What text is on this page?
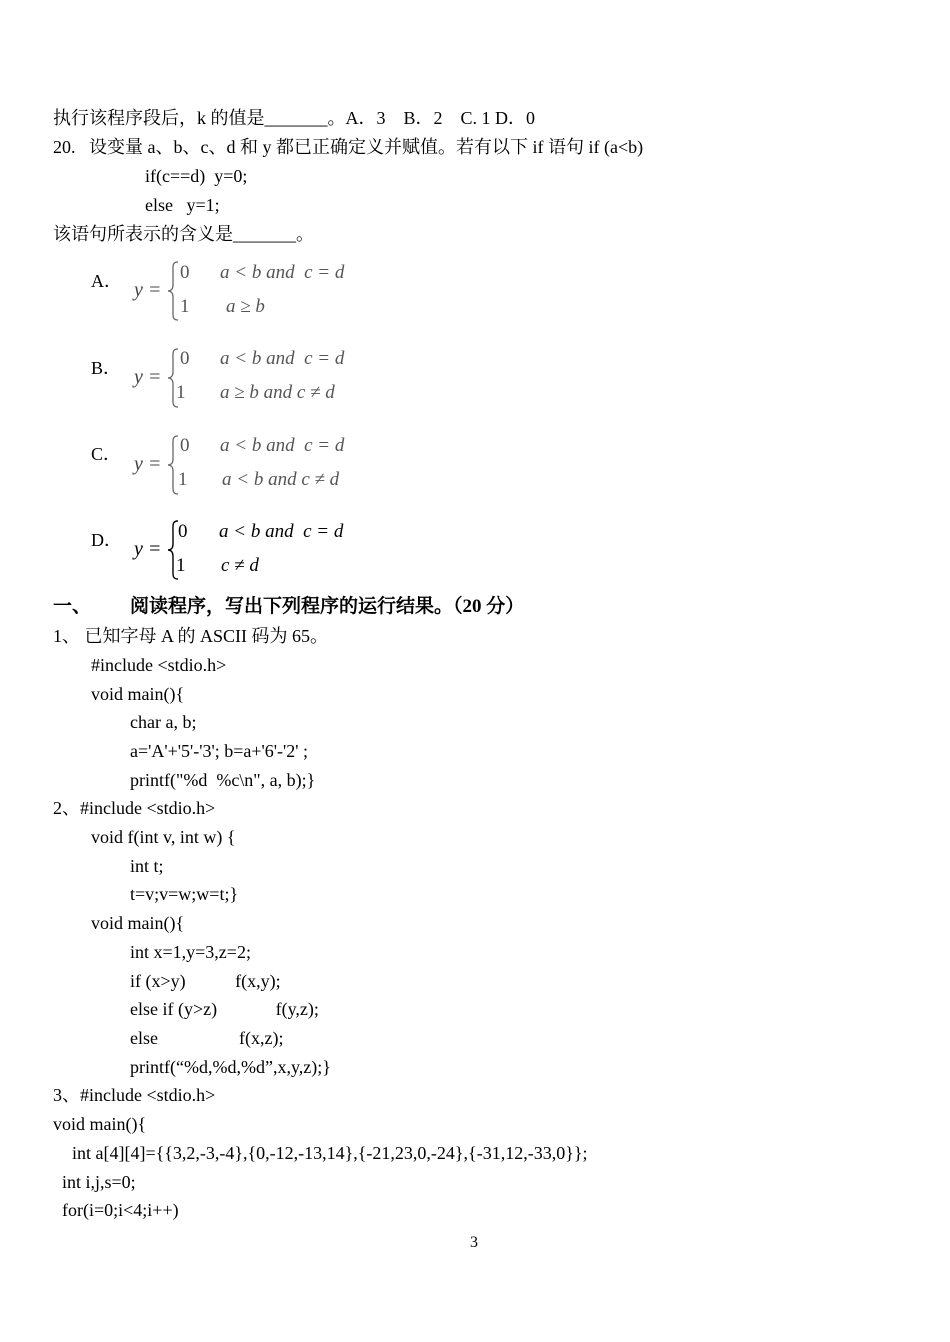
执行该程序段后，k 的值是_______。A．3    B．2    C. 1 D．0
20.   设变量 a、b、c、d 和 y 都已正确定义并赋值。若有以下 if 语句 if (a<b)
if(c==d)  y=0;
else   y=1;
该语句所表示的含义是_______。
A． y =
0 a < b and  c = d
1 a ≥ b
B． y =
0 a < b and  c = d
1 a ≥ b and c ≠ d
C． y =
0 a < b and  c = d
1 a < b and c ≠ d
D． y =
0 a < b and  c = d
1 c ≠ d
一、 阅读程序，写出下列程序的运行结果。（20 分）
1、 已知字母 A 的 ASCII 码为 65。
#include <stdio.h>
void main(){
char a, b;
a='A'+'5'-'3'; b=a+'6'-'2' ;
printf("%d  %c\n", a, b);}
2、#include <stdio.h>
void f(int v, int w) {
int t;
t=v;v=w;w=t;}
void main(){
int x=1,y=3,z=2;
if (x>y)           f(x,y);
else if (y>z)             f(y,z);
else                  f(x,z);
printf(“%d,%d,%d”,x,y,z);}
3、#include <stdio.h>
void main(){
int a[4][4]={{3,2,-3,-4},{0,-12,-13,14},{-21,23,0,-24},{-31,12,-33,0}};
int i,j,s=0;
for(i=0;i<4;i++)
3
